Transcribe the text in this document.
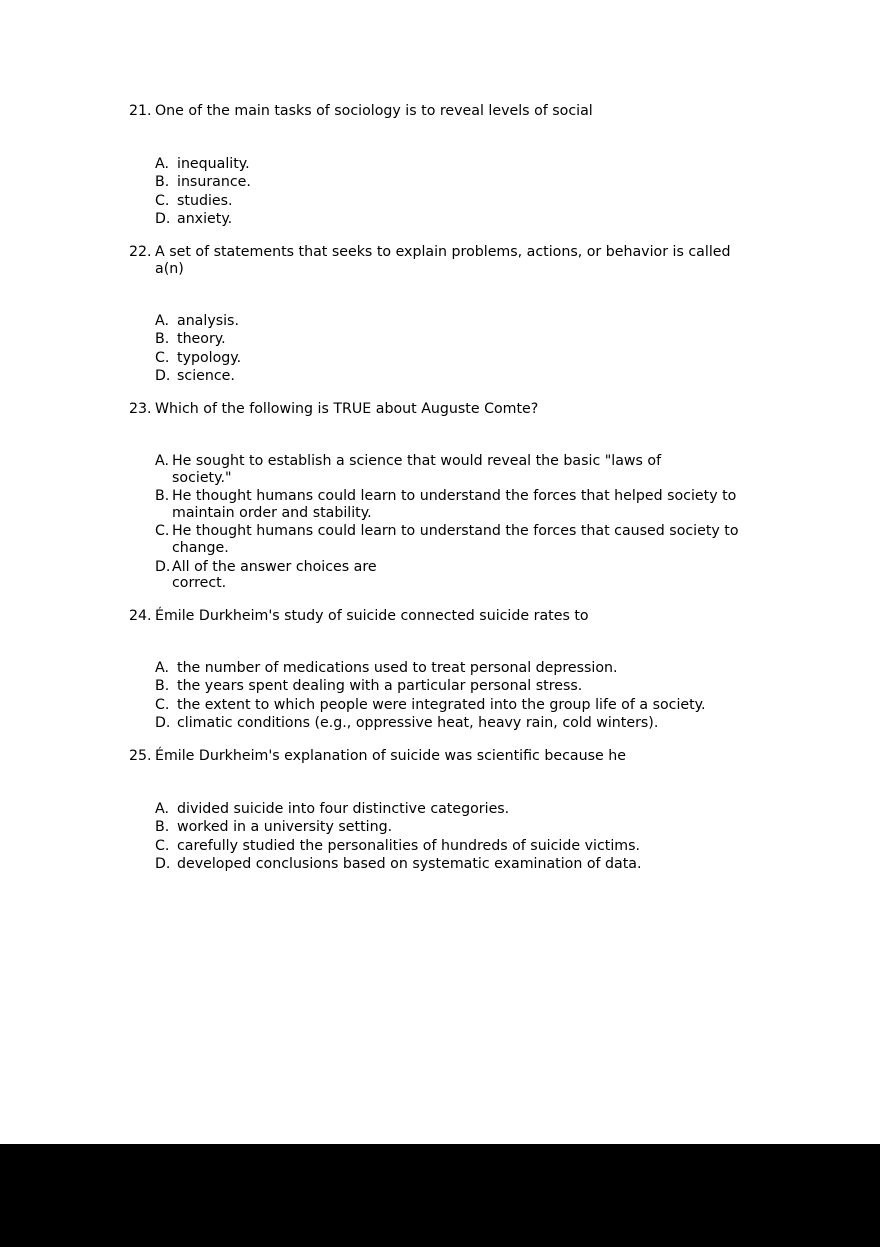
21. One of the main tasks of sociology is to reveal levels of social
A. inequality.
B. insurance.
C. studies.
D. anxiety.
22. A set of statements that seeks to explain problems, actions, or behavior is called a(n)
A. analysis.
B. theory.
C. typology.
D. science.
23. Which of the following is TRUE about Auguste Comte?
A. He sought to establish a science that would reveal the basic "laws of society."
B. He thought humans could learn to understand the forces that helped society to maintain order and stability.
C. He thought humans could learn to understand the forces that caused society to change.
D. All of the answer choices are correct.
24. Émile Durkheim's study of suicide connected suicide rates to
A. the number of medications used to treat personal depression.
B. the years spent dealing with a particular personal stress.
C. the extent to which people were integrated into the group life of a society.
D. climatic conditions (e.g., oppressive heat, heavy rain, cold winters).
25. Émile Durkheim's explanation of suicide was scientific because he
A. divided suicide into four distinctive categories.
B. worked in a university setting.
C. carefully studied the personalities of hundreds of suicide victims.
D. developed conclusions based on systematic examination of data.
